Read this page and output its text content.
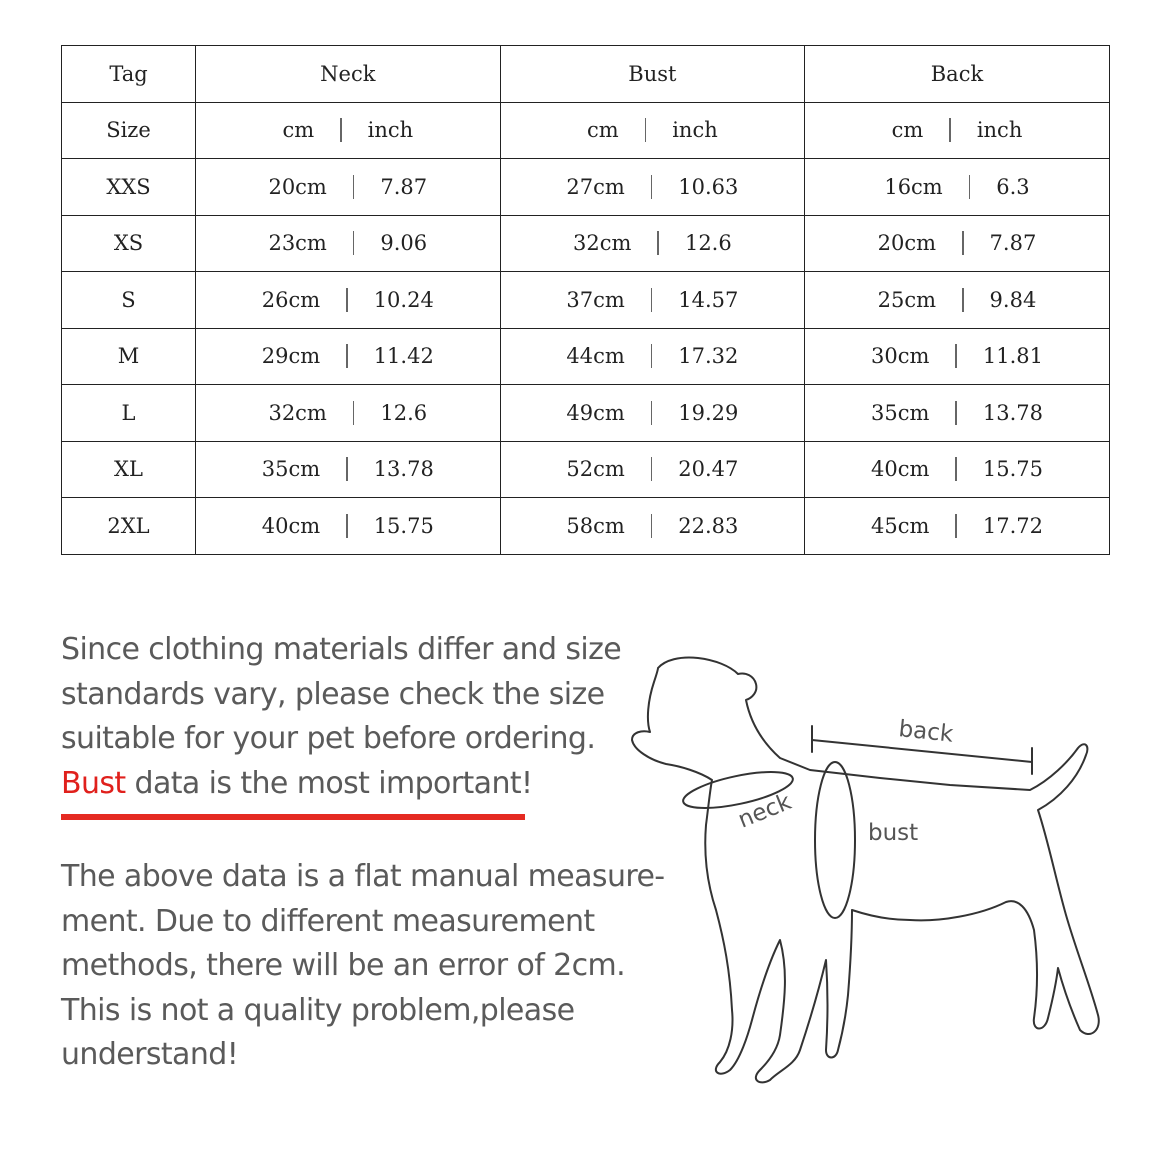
Tag	Neck	Bust	Back
Size	cm inch	cm inch	cm inch

XXS	20cm 7.87	27cm 10.63	16cm 6.3

XS	23cm 9.06	32cm 12.6	20cm 7.87

S	26cm 10.24	37cm 14.57	25cm 9.84

M	29cm 11.42	44cm 17.32	30cm 11.81

L	32cm 12.6	49cm 19.29	35cm 13.78

XL	35cm 13.78	52cm 20.47	40cm 15.75

2XL	40cm 15.75	58cm 22.83	45cm 17.72
Since clothing materials differ and size
standards vary, please check the size
suitable for your pet before ordering.
Bust data is the most important!
The above data is a flat manual measure-
ment. Due to different measurement
methods, there will be an error of 2cm.
This is not a quality problem,please
understand!
back
neck	bust
